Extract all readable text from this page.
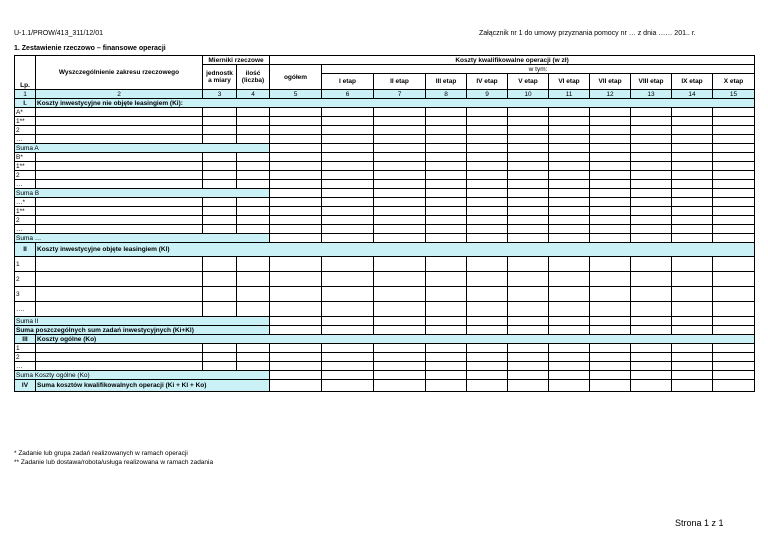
U-1.1/PROW/413_311/12/01	Załącznik nr 1 do umowy przyznania pomocy nr … z dnia …… 201.. r.
1. Zestawienie rzeczowo – finansowe operacji
Lp.	Wyszczególnienie zakresu rzeczowego	Mierniki rzeczowe		Koszty kwalifikowalne operacji (w zł)										
		jednostk a miary	ilość (liczba)	ogółem	w tym:									
					I etap	II etap	III etap	IV etap	V etap	VI etap	VII etap	VIII etap	IX etap	X etap
1	2	3	4	5	6	7	8	9	10	11	12	13	14	15
I.	Koszty inwestycyjne nie objęte leasingiem (Ki):													
A*														
1**														
2														
…														
Suma A														
B*														
1**														
2														
…														
Suma B														
…*														
1**														
2														
…														
Suma …														
II	Koszty inwestycyjne objęte leasingiem (Kl)													
1														
2														
3														
….														
Suma II														
Suma poszczególnych sum zadań inwestycyjnych (Ki+Kl)														
III	Koszty ogólne (Ko)													
1														
2														
…														
Suma Koszty ogólne (Ko)														
IV	Suma kosztów kwalifikowalnych operacji (Ki + Kl + Ko)													
* Zadanie lub grupa zadań realizowanych w ramach operacji
** Zadanie lub dostawa/robota/usługa realizowana w ramach zadania
Strona 1 z 1
